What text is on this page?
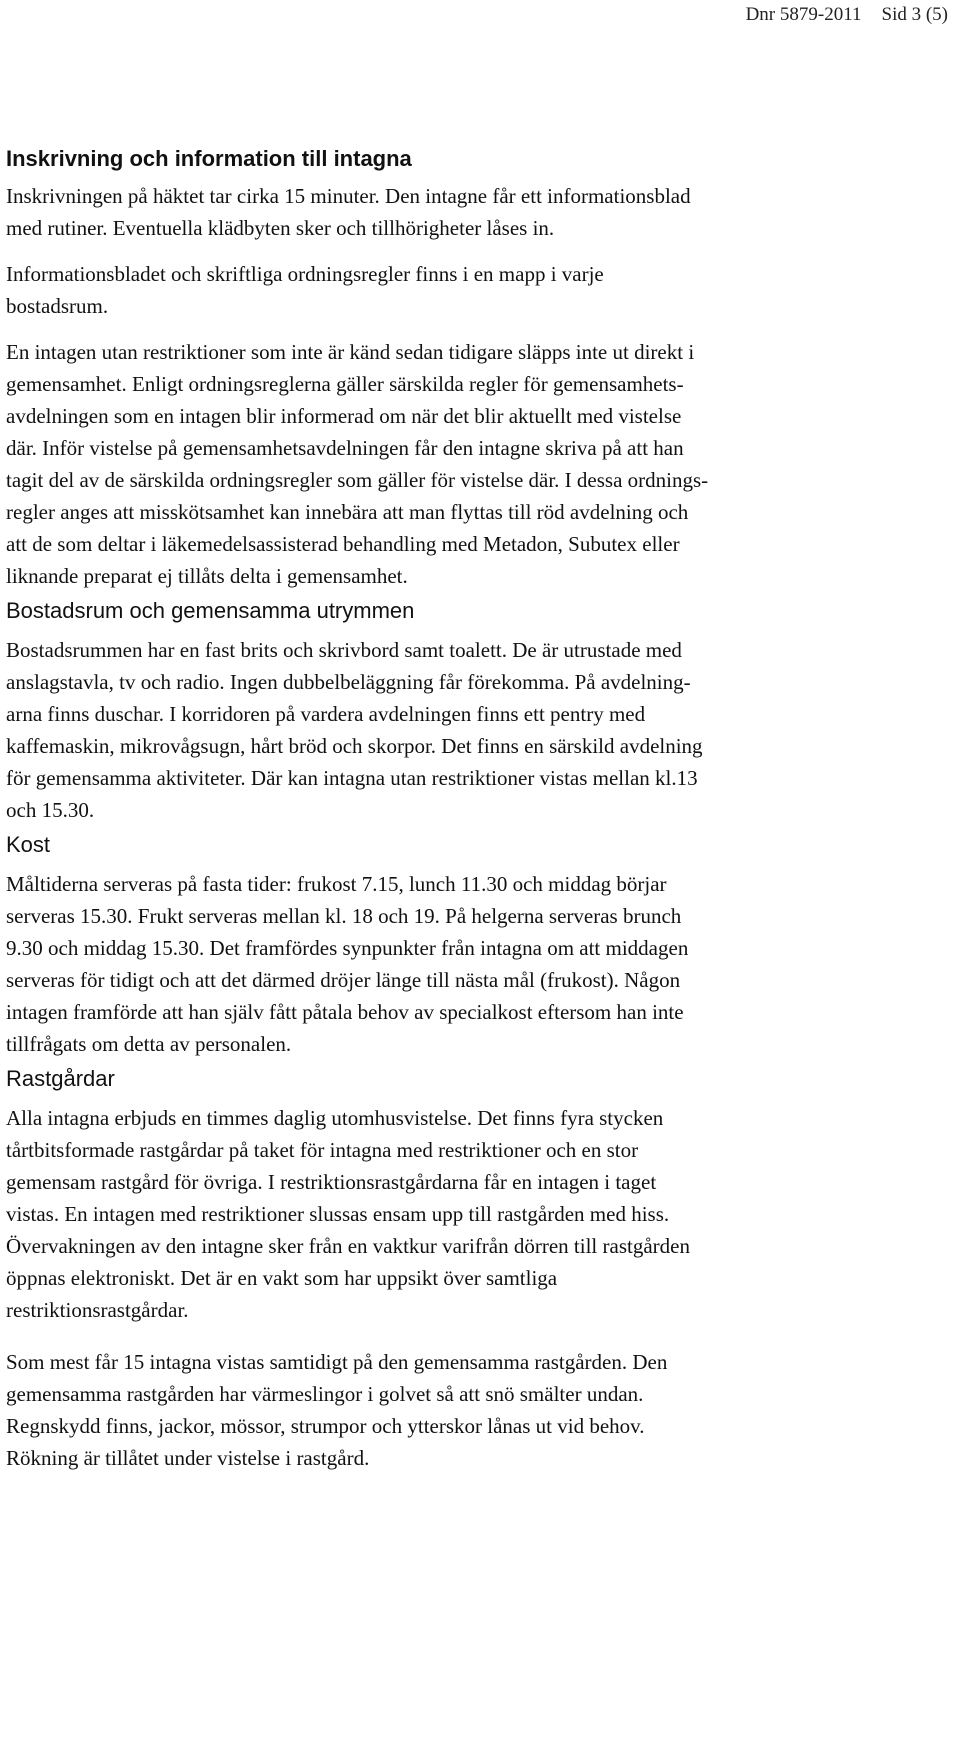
Dnr 5879-2011 Sid 3 (5)
Inskrivning och information till intagna

Inskrivningen på häktet tar cirka 15 minuter. Den intagne får ett informationsblad
med rutiner. Eventuella klädbyten sker och tillhörigheter låses in.

Informationsbladet och skriftliga ordningsregler finns i en mapp i varje
bostadsrum.

En intagen utan restriktioner som inte är känd sedan tidigare släpps inte ut direkt i
gemensamhet. Enligt ordningsreglerna gäller särskilda regler för gemensamhets-
avdelningen som en intagen blir informerad om när det blir aktuellt med vistelse
där. Inför vistelse på gemensamhetsavdelningen får den intagne skriva på att han
tagit del av de särskilda ordningsregler som gäller för vistelse där. I dessa ordnings-
regler anges att misskötsamhet kan innebära att man flyttas till röd avdelning och
att de som deltar i läkemedelsassisterad behandling med Metadon, Subutex eller
liknande preparat ej tillåts delta i gemensamhet.

Bostadsrum och gemensamma utrymmen

Bostadsrummen har en fast brits och skrivbord samt toalett. De är utrustade med
anslagstavla, tv och radio. Ingen dubbelbeläggning får förekomma. På avdelning-
arna finns duschar. I korridoren på vardera avdelningen finns ett pentry med
kaffemaskin, mikrovågsugn, hårt bröd och skorpor. Det finns en särskild avdelning
för gemensamma aktiviteter. Där kan intagna utan restriktioner vistas mellan kl.13
och 15.30.

Kost

Måltiderna serveras på fasta tider: frukost 7.15, lunch 11.30 och middag börjar
serveras 15.30. Frukt serveras mellan kl. 18 och 19. På helgerna serveras brunch
9.30 och middag 15.30. Det framfördes synpunkter från intagna om att middagen
serveras för tidigt och att det därmed dröjer länge till nästa mål (frukost). Någon
intagen framförde att han själv fått påtala behov av specialkost eftersom han inte
tillfrågats om detta av personalen.

Rastgårdar

Alla intagna erbjuds en timmes daglig utomhusvistelse. Det finns fyra stycken
tårtbitsformade rastgårdar på taket för intagna med restriktioner och en stor
gemensam rastgård för övriga. I restriktionsrastgårdarna får en intagen i taget
vistas. En intagen med restriktioner slussas ensam upp till rastgården med hiss.
Övervakningen av den intagne sker från en vaktkur varifrån dörren till rastgården
öppnas elektroniskt. Det är en vakt som har uppsikt över samtliga
restriktionsrastgårdar.

Som mest får 15 intagna vistas samtidigt på den gemensamma rastgården. Den
gemensamma rastgården har värmeslingor i golvet så att snö smälter undan.
Regnskydd finns, jackor, mössor, strumpor och ytterskor lånas ut vid behov.
Rökning är tillåtet under vistelse i rastgård.
